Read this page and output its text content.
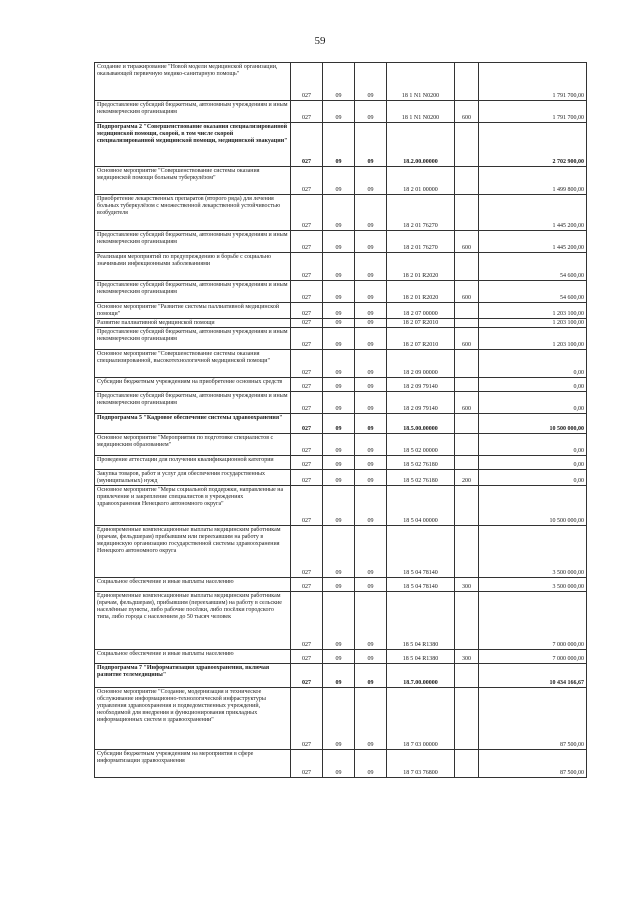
59
Создание и тиражирование "Новой модели медицинской организации, оказывающей первичную медико-санитарную помощь"	027	09	09	18 1 N1 N0200		1 791 700,00
Предоставление субсидий бюджетным, автономным учреждениям и иным некоммерческим организациям	027	09	09	18 1 N1 N0200	600	1 791 700,00
Подпрограмма 2 "Совершенствование оказания специализированной медицинской помощи, скорой, в том числе скорой специализированной медицинской помощи, медицинской эвакуации"	027	09	09	18.2.00.00000		2 702 900,00
Основное мероприятие "Совершенствование системы оказания медицинской помощи больным туберкулёзом"	027	09	09	18 2 01 00000		1 499 800,00
Приобретение лекарственных препаратов (второго ряда) для лечения больных туберкулёзом с множественной лекарственной устойчивостью возбудителя	027	09	09	18 2 01 76270		1 445 200,00
Предоставление субсидий бюджетным, автономным учреждениям и иным некоммерческим организациям	027	09	09	18 2 01 76270	600	1 445 200,00
Реализация мероприятий по предупреждению и борьбе с социально значимыми инфекционными заболеваниями	027	09	09	18 2 01 R2020		54 600,00
Предоставление субсидий бюджетным, автономным учреждениям и иным некоммерческим организациям	027	09	09	18 2 01 R2020	600	54 600,00
Основное мероприятие "Развитие системы паллиативной медицинской помощи"	027	09	09	18 2 07 00000		1 203 100,00
Развитие паллиативной медицинской помощи	027	09	09	18 2 07 R2010		1 203 100,00
Предоставление субсидий бюджетным, автономным учреждениям и иным некоммерческим организациям	027	09	09	18 2 07 R2010	600	1 203 100,00
Основное мероприятие "Совершенствование системы оказания специализированной, высокотехнологичной медицинской помощи"	027	09	09	18 2 09 00000		0,00
Субсидии бюджетным учреждениям на приобретение основных средств	027	09	09	18 2 09 79140		0,00
Предоставление субсидий бюджетным, автономным учреждениям и иным некоммерческим организациям	027	09	09	18 2 09 79140	600	0,00
Подпрограмма 5 "Кадровое обеспечение системы здравоохранения"	027	09	09	18.5.00.00000		10 500 000,00
Основное мероприятие "Мероприятия по подготовке специалистов с медицинским образованием"	027	09	09	18 5 02 00000		0,00
Проведение аттестации для получения квалификационной категории	027	09	09	18 5 02 76180		0,00
Закупка товаров, работ и услуг для обеспечения государственных (муниципальных) нужд	027	09	09	18 5 02 76180	200	0,00
Основное мероприятие "Меры социальной поддержки, направленные на привлечение и закрепление специалистов в учреждениях здравоохранения Ненецкого автономного округа"	027	09	09	18 5 04 00000		10 500 000,00
Единовременные компенсационные выплаты медицинским работникам (врачам, фельдшерам) прибывшим или переехавшим на работу в медицинскую организацию государственной системы здравоохранения Ненецкого автономного округа	027	09	09	18 5 04 78140		3 500 000,00
Социальное обеспечение и иные выплаты населению	027	09	09	18 5 04 78140	300	3 500 000,00
Единовременные компенсационные выплаты медицинским работникам (врачам, фельдшерам), прибывшим (переехавшим) на работу в сельские населённые пункты, либо рабочие посёлки, либо посёлки городского типа, либо города с населением до 50 тысяч человек	027	09	09	18 5 04 R1380		7 000 000,00
Социальное обеспечение и иные выплаты населению	027	09	09	18 5 04 R1380	300	7 000 000,00
Подпрограмма 7 "Информатизация здравоохранения, включая развитие телемедицины"	027	09	09	18.7.00.00000		10 434 166,67
Основное мероприятие "Создание, модернизация и техническое обслуживание информационно-технологической инфраструктуры управления здравоохранения и подведомственных учреждений, необходимой для внедрения и функционирования прикладных информационных систем в здравоохранении"	027	09	09	18 7 03 00000		87 500,00
Субсидии бюджетным учреждениям на мероприятия в сфере информатизации здравоохранения	027	09	09	18 7 03 76800		87 500,00
